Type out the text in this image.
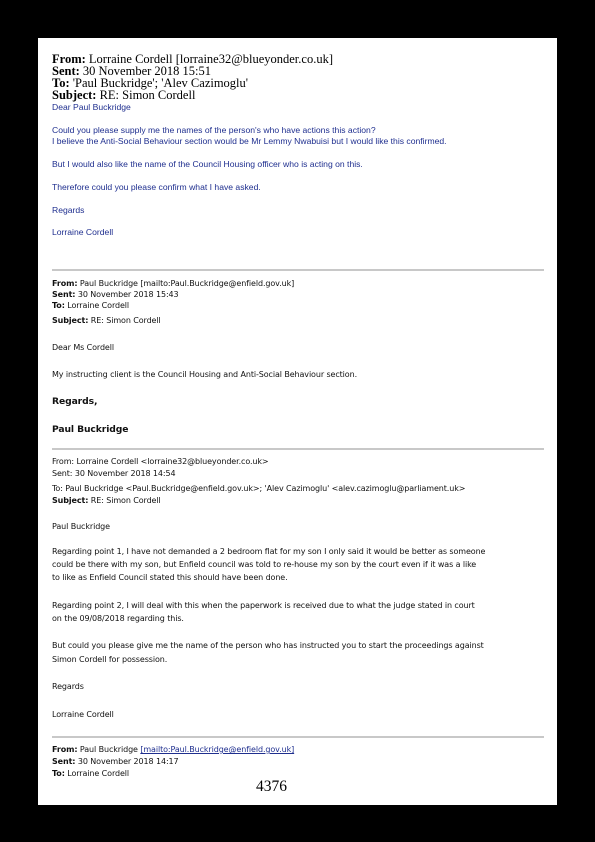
From: Lorraine Cordell [lorraine32@blueyonder.co.uk]
Sent: 30 November 2018 15:51
To: 'Paul Buckridge'; 'Alev Cazimoglu'
Subject: RE: Simon Cordell
Dear Paul Buckridge
Could you please supply me the names of the person's who have actions this action?
I believe the Anti-Social Behaviour section would be Mr Lemmy Nwabuisi but I would like this confirmed.
But I would also like the name of the Council Housing officer who is acting on this.
Therefore could you please confirm what I have asked.
Regards
Lorraine Cordell
From: Paul Buckridge [mailto:Paul.Buckridge@enfield.gov.uk]
Sent: 30 November 2018 15:43
To: Lorraine Cordell
Subject: RE: Simon Cordell
Dear Ms Cordell
My instructing client is the Council Housing and Anti-Social Behaviour section.
Regards,
Paul Buckridge
From: Lorraine Cordell <lorraine32@blueyonder.co.uk>
Sent: 30 November 2018 14:54
To: Paul Buckridge <Paul.Buckridge@enfield.gov.uk>; 'Alev Cazimoglu' <alev.cazimoglu@parliament.uk>
Subject: RE: Simon Cordell
Paul Buckridge
Regarding point 1, I have not demanded a 2 bedroom flat for my son I only said it would be better as someone
could be there with my son, but Enfield council was told to re-house my son by the court even if it was a like
to like as Enfield Council stated this should have been done.
Regarding point 2, I will deal with this when the paperwork is received due to what the judge stated in court
on the 09/08/2018 regarding this.
But could you please give me the name of the person who has instructed you to start the proceedings against
Simon Cordell for possession.
Regards
Lorraine Cordell
From: Paul Buckridge [mailto:Paul.Buckridge@enfield.gov.uk]
Sent: 30 November 2018 14:17
To: Lorraine Cordell
4376
